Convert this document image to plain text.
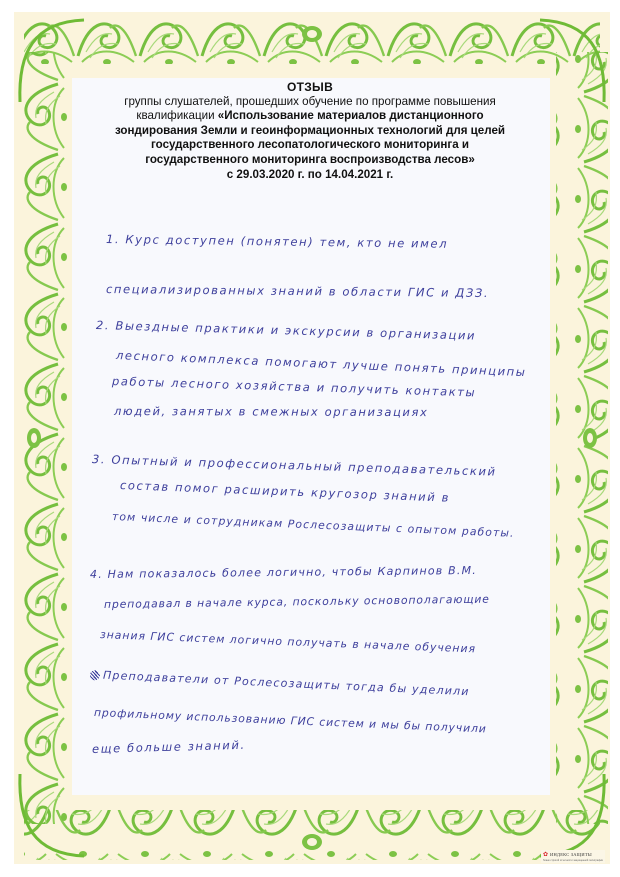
✿ ИНДЕКС ЗАЩИТЫ
бланк строгой отчетности защищенной полиграфии
ОТЗЫВ
группы слушателей, прошедших обучение по программе повышения
квалификации «Использование материалов дистанционного
зондирования Земли и геоинформационных технологий для целей
государственного лесопатологического мониторинга и
государственного мониторинга воспроизводства лесов»
с 29.03.2020 г. по 14.04.2021 г.
1. Курс доступен (понятен) тем, кто не имел
специализированных знаний в области ГИС и ДЗЗ.
2. Выездные практики и экскурсии в организации
лесного комплекса помогают лучше понять принципы
работы лесного хозяйства и получить контакты
людей, занятых в смежных организациях
3. Опытный и профессиональный преподавательский
состав помог расширить кругозор знаний в
том числе и сотрудникам Рослесозащиты с опытом работы.
4. Нам показалось более логично, чтобы Карпинов В.М.
преподавал в начале курса, поскольку основополагающие
знания ГИС систем логично получать в начале обучения
Преподаватели от Рослесозащиты тогда бы уделили
профильному использованию ГИС систем и мы бы получили
еще больше знаний.
